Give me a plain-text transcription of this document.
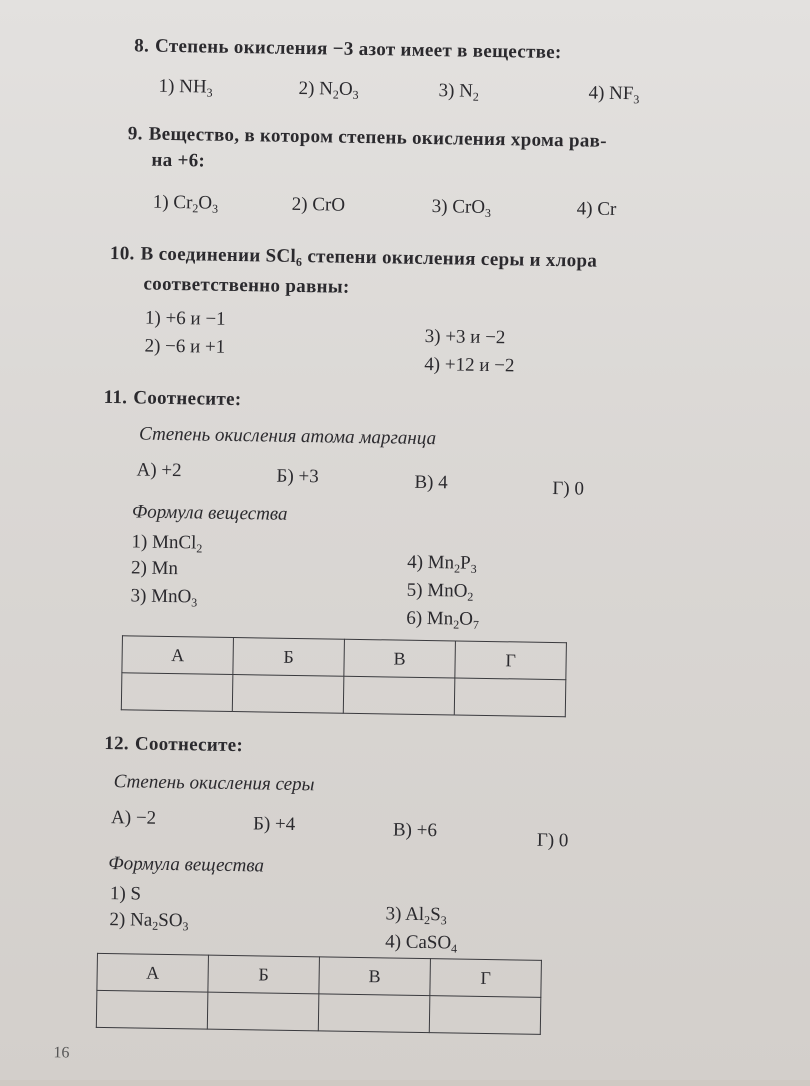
8. Степень окисления −3 азот имеет в веществе:
1) $NH_3$	2) $N_2O_3$	3) $N_2$	4) $NF_3$
9. Вещество, в котором степень окисления хрома рав-
на +6:
1) $Cr_2O_3$	2) CrO	3) CrO$_3$	4) Cr
10. В соединении SCl$_6$ степени окисления серы и хлора
соответственно равны:
1) +6 и −1
2) −6 и +1	3) +3 и −2
4) +12 и −2
11. Соотнесите:
Степень окисления атома марганца
А) +2	Б) +3	В) 4	Г) 0
Формула вещества
1) MnCl$_2$
2) Mn
3) MnO$_3$
4) $Mn_2P_3$
5) MnO$_2$
6) $Mn_2O_7$
А	Б	В	Г

12. Соотнесите:
Степень окисления серы
А) −2	Б) +4	В) +6	Г) 0
Формула вещества
1) S
2) $Na_2SO_3$
3) $Al_2S_3$
4) CaSO$_4$
А	Б	В	Г

16
